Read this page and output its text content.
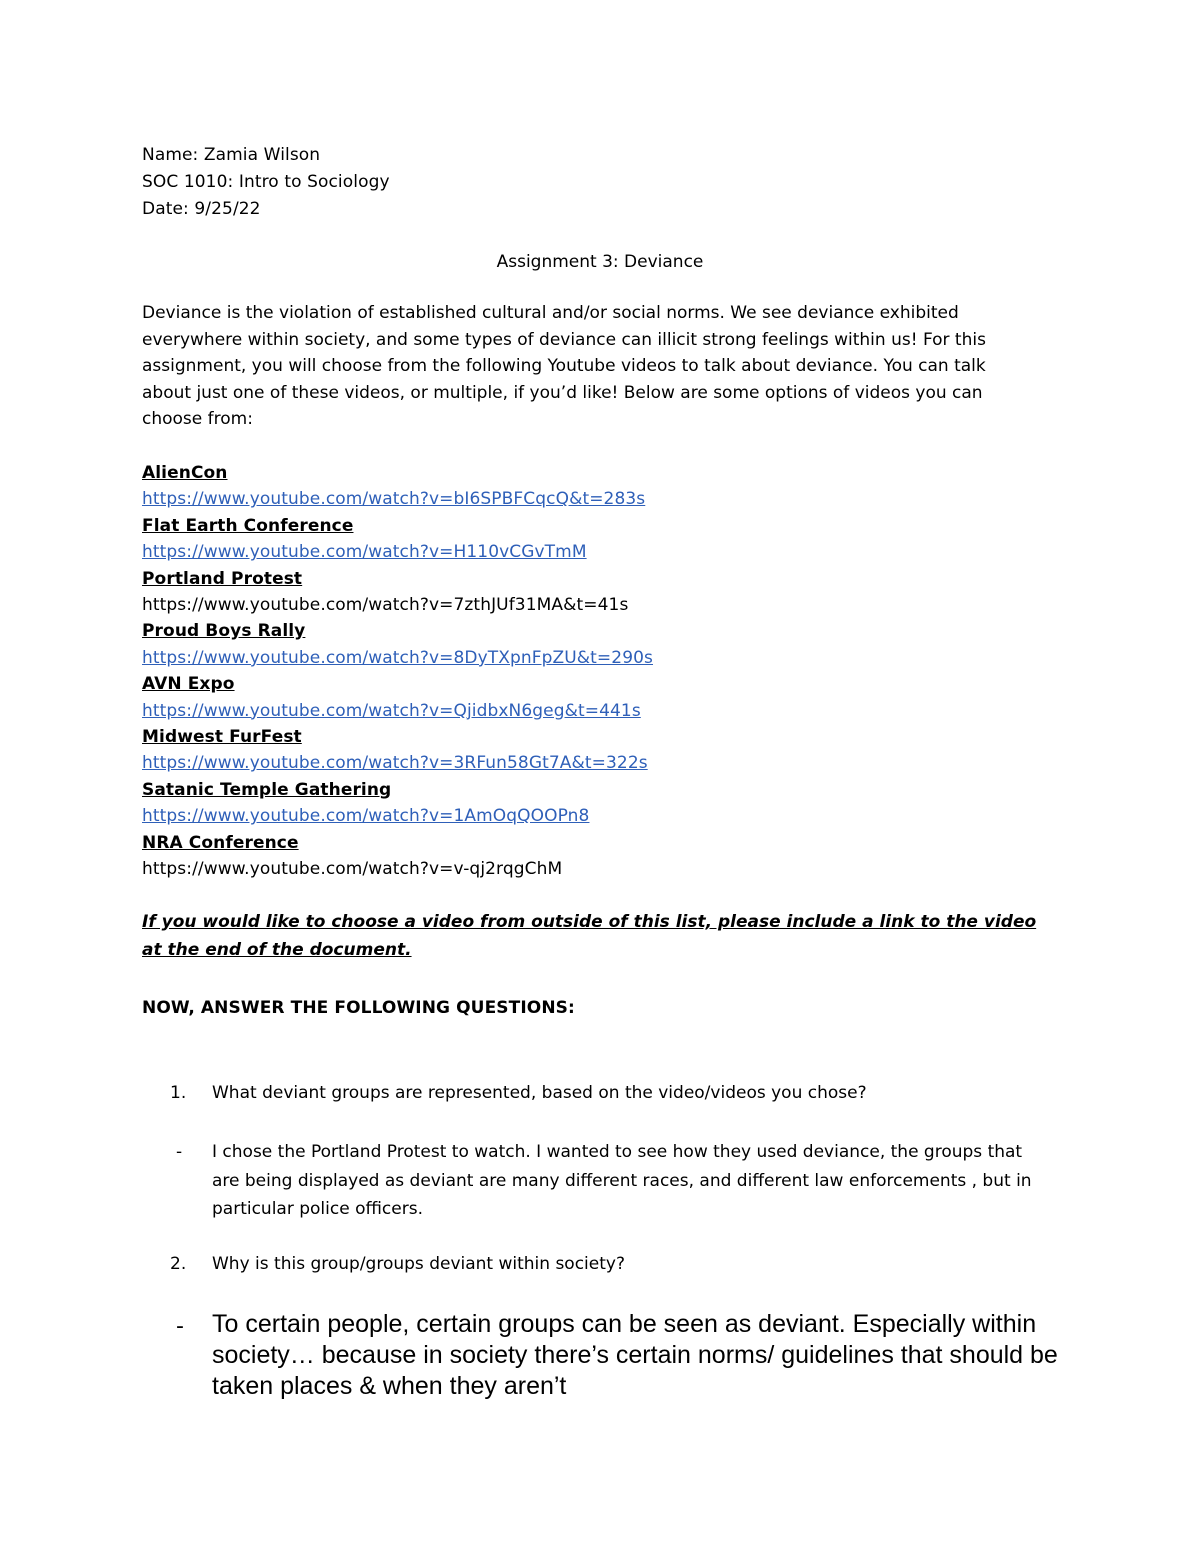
Name: Zamia Wilson
SOC 1010: Intro to Sociology
Date: 9/25/22
Assignment 3: Deviance
Deviance is the violation of established cultural and/or social norms. We see deviance exhibited everywhere within society, and some types of deviance can illicit strong feelings within us! For this assignment, you will choose from the following Youtube videos to talk about deviance. You can talk about just one of these videos, or multiple, if you’d like! Below are some options of videos you can choose from:
AlienCon
https://www.youtube.com/watch?v=bI6SPBFCqcQ&t=283s
Flat Earth Conference
https://www.youtube.com/watch?v=H110vCGvTmM
Portland Protest
https://www.youtube.com/watch?v=7zthJUf31MA&t=41s
Proud Boys Rally
https://www.youtube.com/watch?v=8DyTXpnFpZU&t=290s
AVN Expo
https://www.youtube.com/watch?v=QjidbxN6geg&t=441s
Midwest FurFest
https://www.youtube.com/watch?v=3RFun58Gt7A&t=322s
Satanic Temple Gathering
https://www.youtube.com/watch?v=1AmOqQOOPn8
NRA Conference
https://www.youtube.com/watch?v=v-qj2rqgChM
If you would like to choose a video from outside of this list, please include a link to the video at the end of the document.
NOW, ANSWER THE FOLLOWING QUESTIONS:
1. What deviant groups are represented, based on the video/videos you chose?
- I chose the Portland Protest to watch. I wanted to see how they used deviance, the groups that are being displayed as deviant are many different races, and different law enforcements , but in particular police officers.
2. Why is this group/groups deviant within society?
- To certain people, certain groups can be seen as deviant. Especially within society… because in society there’s certain norms/ guidelines that should be taken places & when they aren’t
